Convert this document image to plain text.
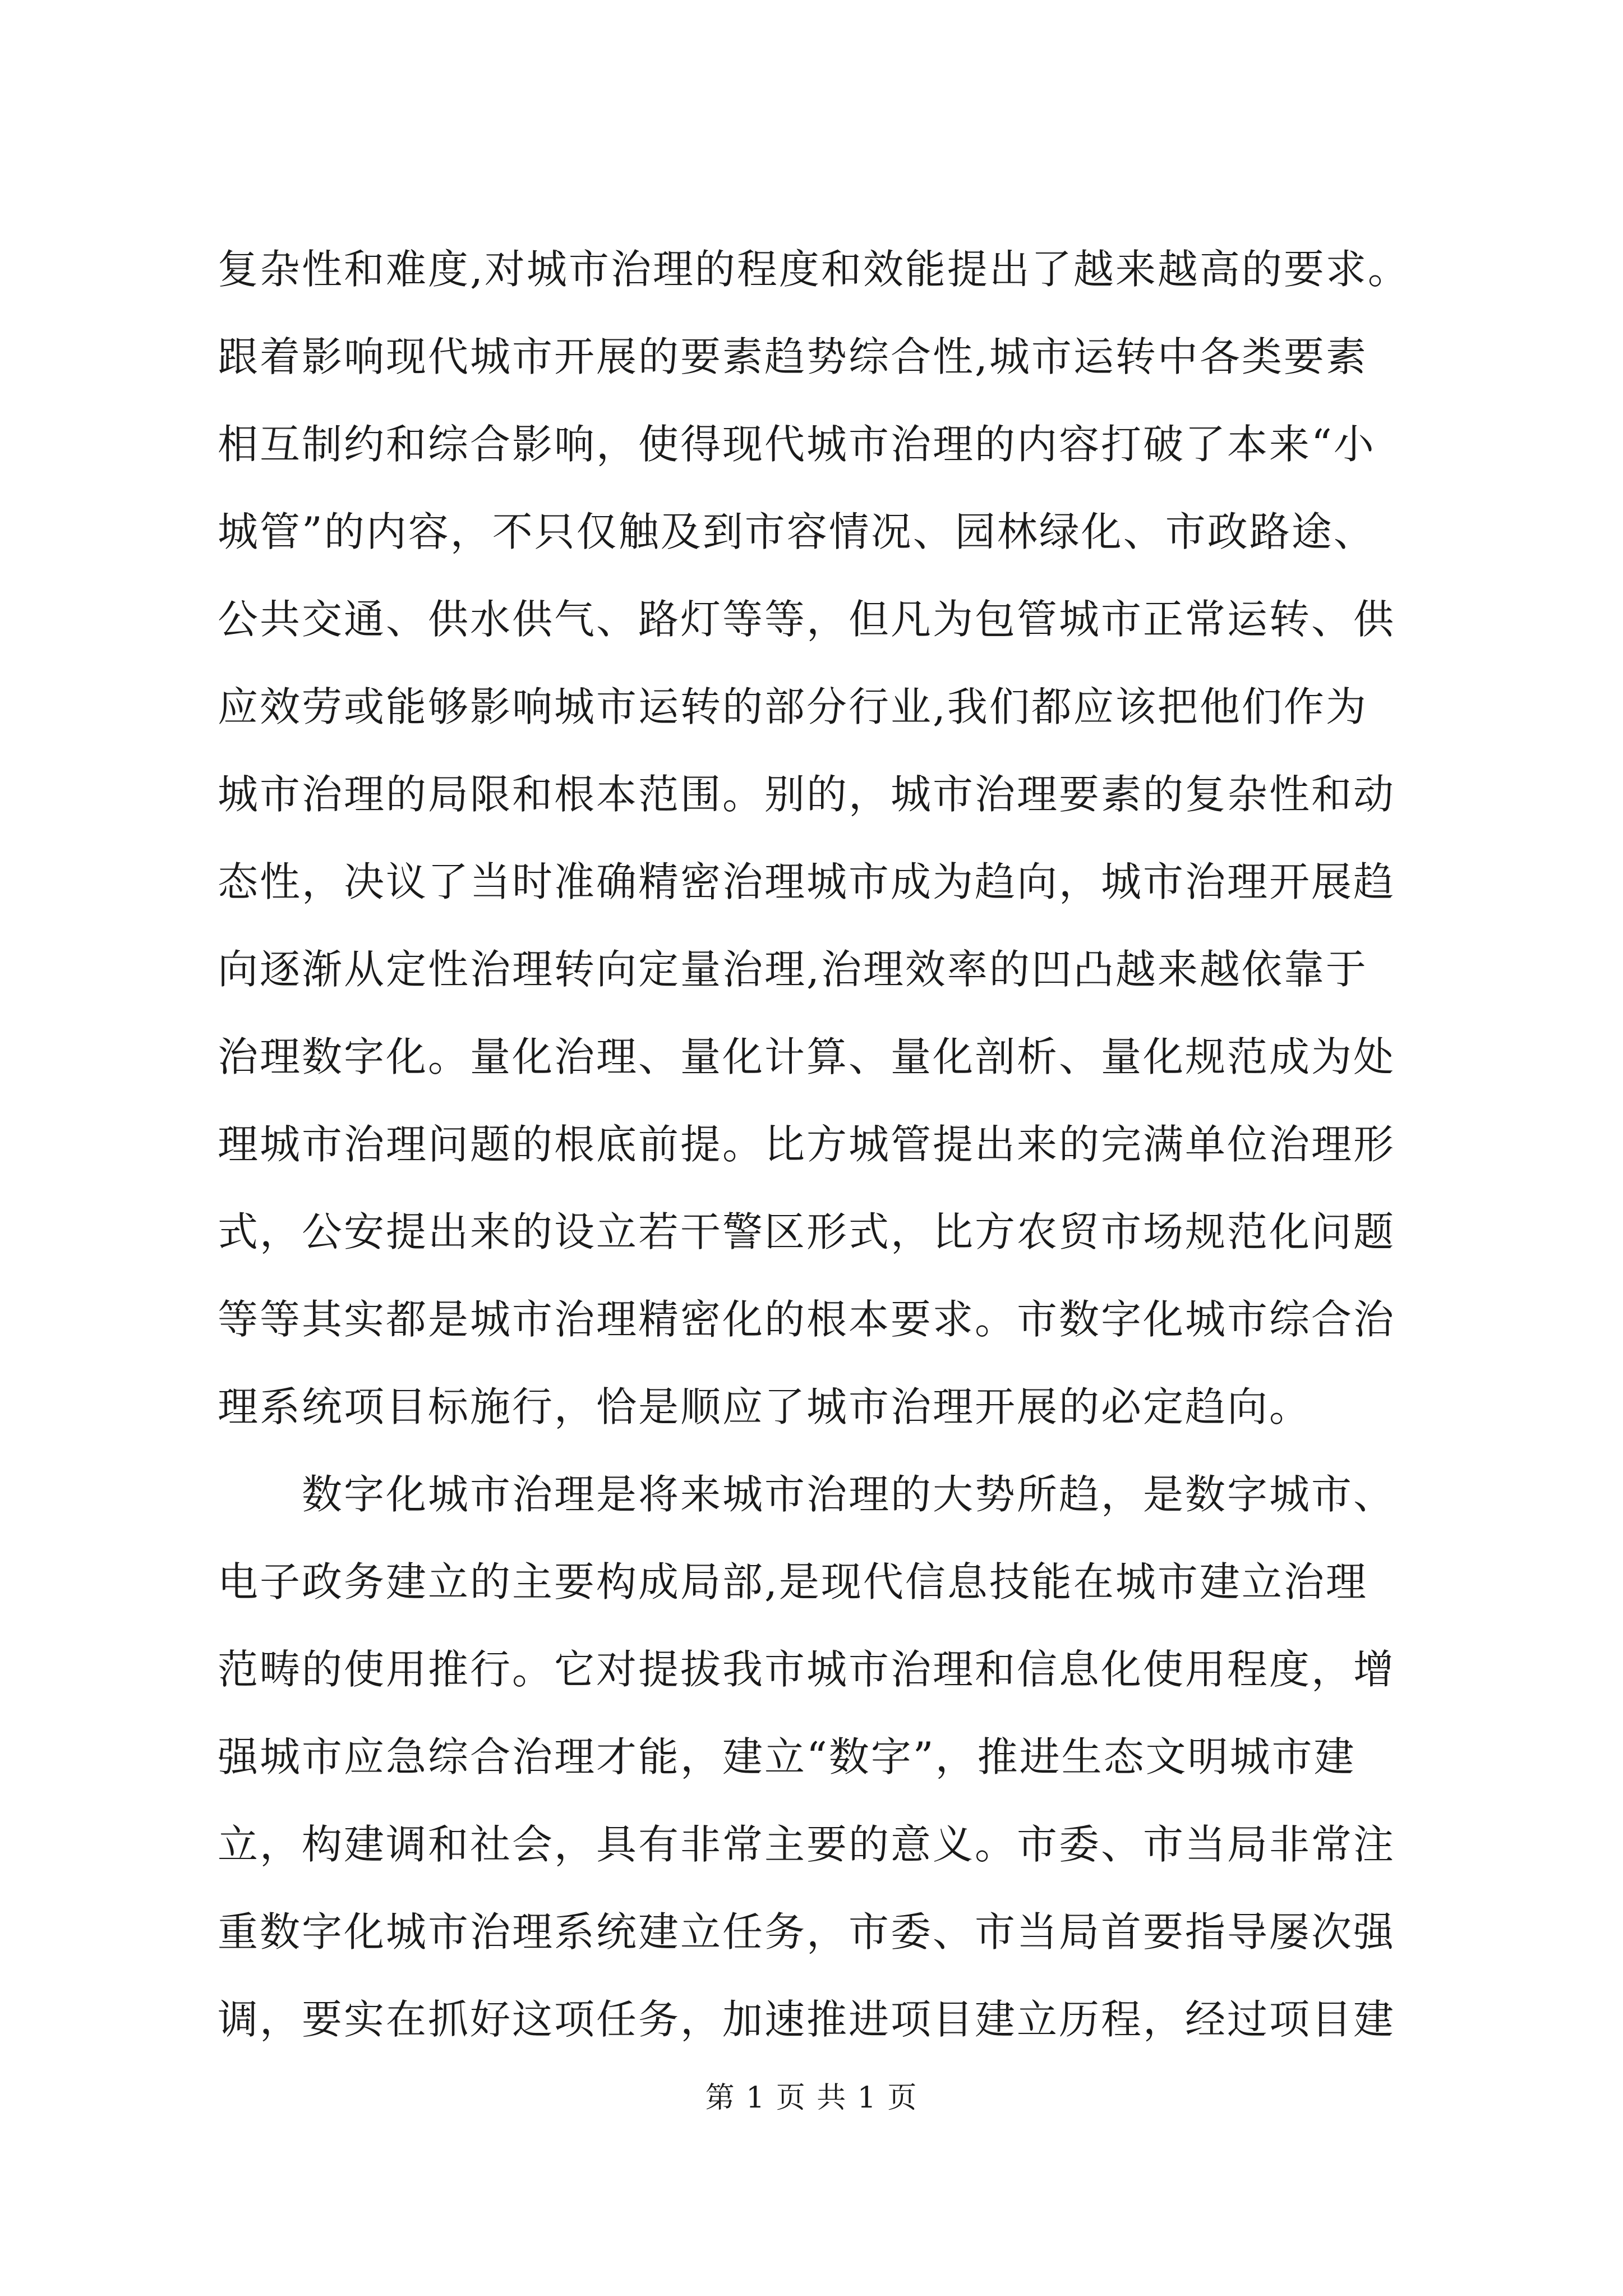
复杂性和难度,对城市治理的程度和效能提出了越来越高的要求。
跟着影响现代城市开展的要素趋势综合性,城市运转中各类要素
相互制约和综合影响，使得现代城市治理的内容打破了本来“小
城管”的内容，不只仅触及到市容情况、园林绿化、市政路途、
公共交通、供水供气、路灯等等，但凡为包管城市正常运转、供
应效劳或能够影响城市运转的部分行业,我们都应该把他们作为
城市治理的局限和根本范围。别的，城市治理要素的复杂性和动
态性，决议了当时准确精密治理城市成为趋向，城市治理开展趋
向逐渐从定性治理转向定量治理,治理效率的凹凸越来越依靠于
治理数字化。量化治理、量化计算、量化剖析、量化规范成为处
理城市治理问题的根底前提。比方城管提出来的完满单位治理形
式，公安提出来的设立若干警区形式，比方农贸市场规范化问题
等等其实都是城市治理精密化的根本要求。市数字化城市综合治
理系统项目标施行，恰是顺应了城市治理开展的必定趋向。
数字化城市治理是将来城市治理的大势所趋，是数字城市、
电子政务建立的主要构成局部,是现代信息技能在城市建立治理
范畴的使用推行。它对提拔我市城市治理和信息化使用程度，增
强城市应急综合治理才能，建立“数字”，推进生态文明城市建
立，构建调和社会，具有非常主要的意义。市委、市当局非常注
重数字化城市治理系统建立任务，市委、市当局首要指导屡次强
调，要实在抓好这项任务，加速推进项目建立历程，经过项目建
第 1 页 共 1 页
